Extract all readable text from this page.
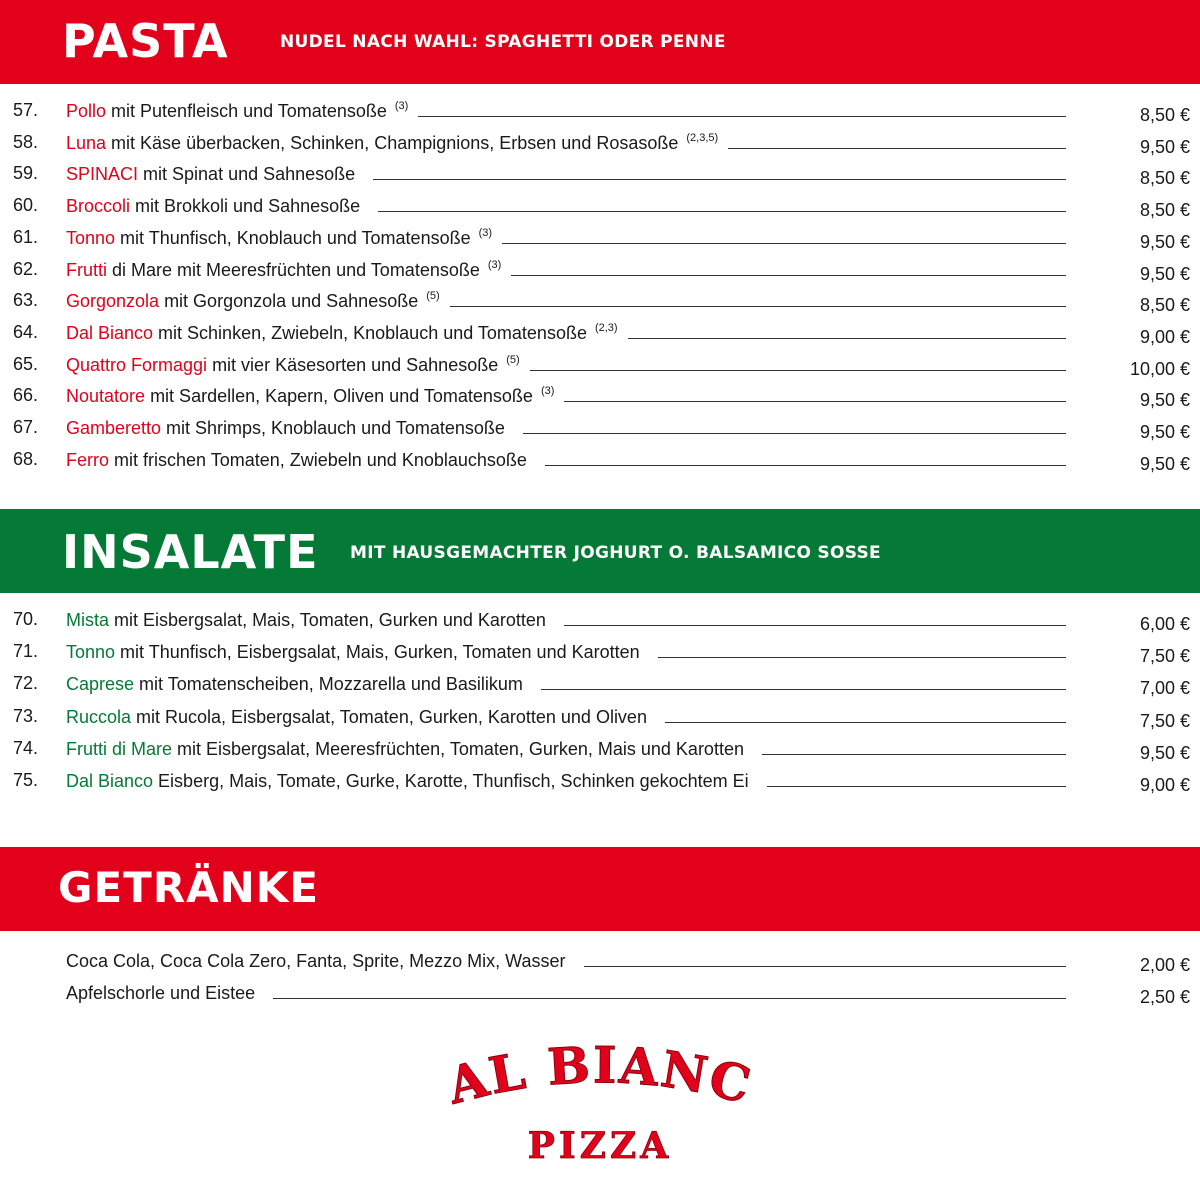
PASTA	NUDEL NACH WAHL: SPAGHETTI ODER PENNE
57.	Pollo mit Putenfleisch und Tomatensoße $^{(3)}$	8,50 €
58.	Luna mit Käse überbacken, Schinken, Champignions, Erbsen und Rosasoße $^{(2,3,5)}$	9,50 €
59.	SPINACI mit Spinat und Sahnesoße	8,50 €
60.	Broccoli mit Brokkoli und Sahnesoße	8,50 €
61.	Tonno mit Thunfisch, Knoblauch und Tomatensoße $^{(3)}$	9,50 €
62.	Frutti di Mare mit Meeresfrüchten und Tomatensoße $^{(3)}$	9,50 €
63.	Gorgonzola mit Gorgonzola und Sahnesoße $^{(5)}$	8,50 €
64.	Dal Bianco mit Schinken, Zwiebeln, Knoblauch und Tomatensoße $^{(2,3)}$	9,00 €
65.	Quattro Formaggi mit vier Käsesorten und Sahnesoße $^{(5)}$	10,00 €
66.	Noutatore mit Sardellen, Kapern, Oliven und Tomatensoße $^{(3)}$	9,50 €
67.	Gamberetto mit Shrimps, Knoblauch und Tomatensoße	9,50 €
68.	Ferro mit frischen Tomaten, Zwiebeln und Knoblauchsoße	9,50 €
INSALATE MIT HAUSGEMACHTER JOGHURT O. BALSAMICO SOSSE
70.	Mista mit Eisbergsalat, Mais, Tomaten, Gurken und Karotten	6,00 €
71.	Tonno mit Thunfisch, Eisbergsalat, Mais, Gurken, Tomaten und Karotten	7,50 €
72.	Caprese mit Tomatenscheiben, Mozzarella und Basilikum	7,00 €
73.	Ruccola mit Rucola, Eisbergsalat, Tomaten, Gurken, Karotten und Oliven	7,50 €
74.	Frutti di Mare mit Eisbergsalat, Meeresfrüchten, Tomaten, Gurken, Mais und Karotten	9,50 €
75.	Dal Bianco Eisberg, Mais, Tomate, Gurke, Karotte, Thunfisch, Schinken gekochtem Ei	9,00 €
GETRÄNKE
Coca Cola, Coca Cola Zero, Fanta, Sprite, Mezzo Mix, Wasser	2,00 €
Apfelschorle und Eistee	2,50 €
AL BIANC
PIZZA
